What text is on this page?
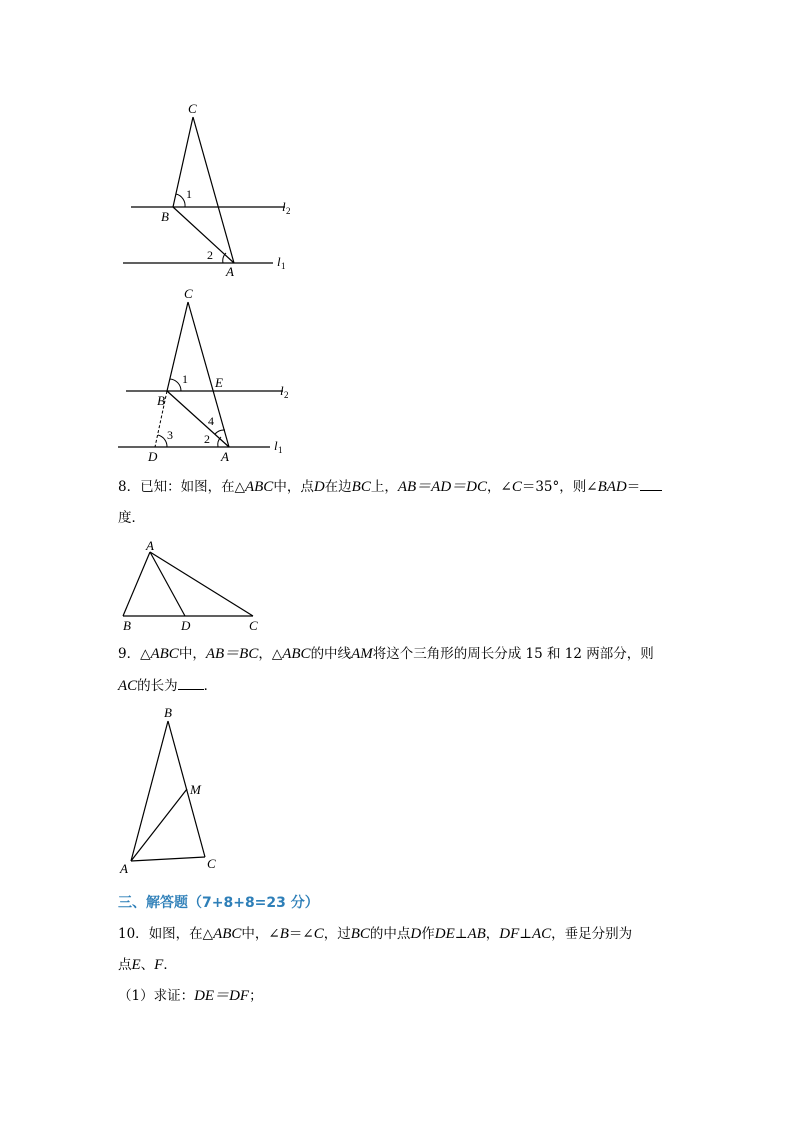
C
B
A
1
2
l 2
l 1
C
E
B
D	A
1
2
3
4
l 2
l 1
8．已知：如图，在△ABC中，点D在边BC上，AB＝AD＝DC，∠C＝35°，则∠BAD＝
度．
A
B	D	C
9．△ABC中，AB＝BC，△ABC的中线AM将这个三角形的周长分成 15 和 12 两部分，则
AC的长为 ．
B
M
A	C
三、解答题（7+8+8=23 分）
10．如图，在△ABC中，∠B＝∠C，过BC的中点D作DE⊥AB，DF⊥AC，垂足分别为
点E、F．
（1）求证：DE＝DF；
